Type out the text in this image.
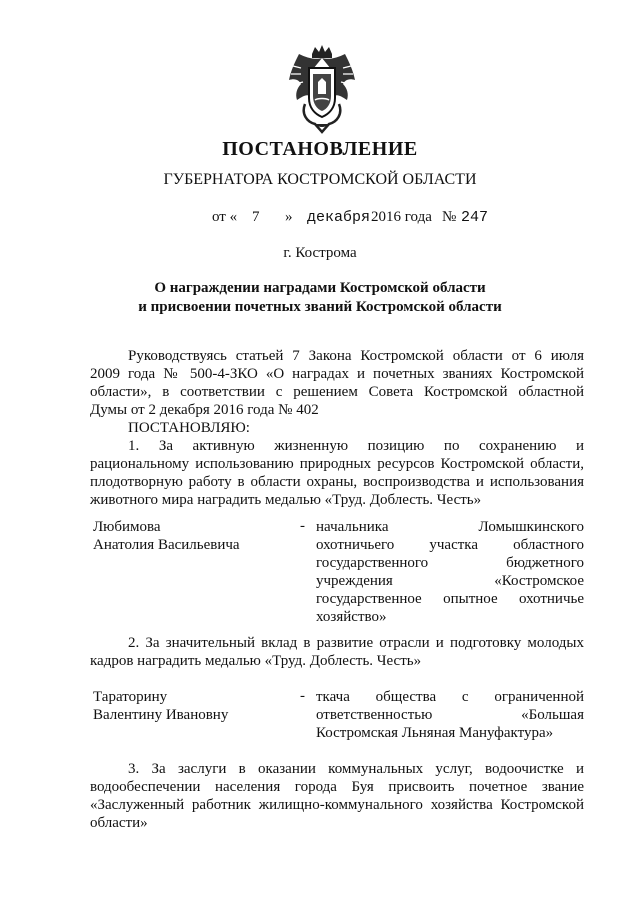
ПОСТАНОВЛЕНИЕ
ГУБЕРНАТОРА КОСТРОМСКОЙ ОБЛАСТИ
от « 7 » декабря 2016 года № 247
г. Кострома
О награждении наградами Костромской области
и присвоении почетных званий Костромской области
Руководствуясь статьей 7 Закона Костромской области от 6 июля
2009 года № 500-4-ЗКО «О наградах и почетных званиях Костромской
области», в соответствии с решением Совета Костромской областной
Думы от 2 декабря 2016 года № 402
ПОСТАНОВЛЯЮ:
1. За активную жизненную позицию по сохранению и
рациональному использованию природных ресурсов Костромской области,
плодотворную работу в области охраны, воспроизводства и использования
животного мира наградить медалью «Труд. Доблесть. Честь»
Любимова
Анатолия Васильевича
- начальника Ломышкинского
охотничьего участка областного
государственного бюджетного
учреждения «Костромское
государственное опытное охотничье
хозяйство»
2. За значительный вклад в развитие отрасли и подготовку молодых
кадров наградить медалью «Труд. Доблесть. Честь»
Тараторину
Валентину Ивановну
- ткача общества с ограниченной
ответственностью «Большая
Костромская Льняная Мануфактура»
3. За заслуги в оказании коммунальных услуг, водоочистке и
водообеспечении населения города Буя присвоить почетное звание
«Заслуженный работник жилищно-коммунального хозяйства Костромской
области»
